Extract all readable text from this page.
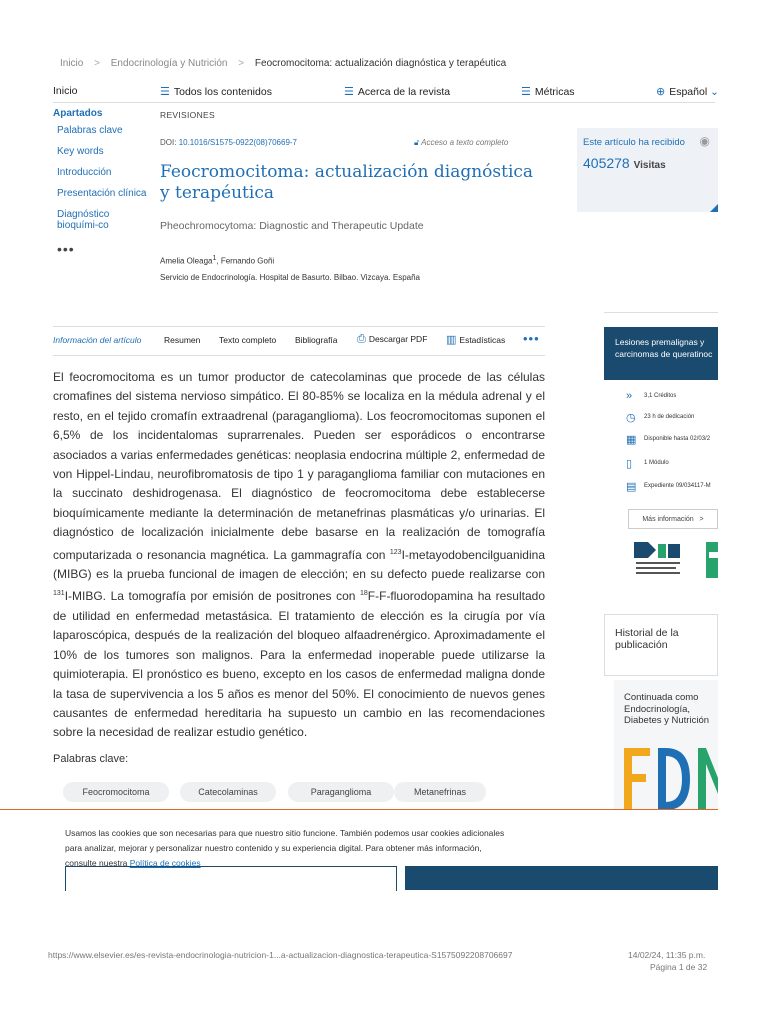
Inicio > Endocrinología y Nutrición > Feocromocitoma: actualización diagnóstica y terapéutica
Inicio	☰ Todos los contenidos	☰ Acerca de la revista	☰ Métricas	⊕ Español ⌄
Apartados
Palabras clave
Key words
Introducción
Presentación clínica
Diagnóstico bioquími-co
•••
REVISIONES
DOI: 10.1016/S1575-0922(08)70669-7	🔓︎ Acceso a texto completo
Feocromocitoma: actualización diagnóstica y terapéutica
Pheochromocytoma: Diagnostic and Therapeutic Update
Amelia Oleaga$^1$, Fernando Goñi
Servicio de Endocrinología. Hospital de Basurto. Bilbao. Vizcaya. España
Este artículo ha recibido ◉
405278 Visitas
Información del artículo	Resumen Texto completo Bibliografía ⎙ Descargar PDF ▥ Estadísticas •••
El feocromocitoma es un tumor productor de catecolaminas que procede de las células cromafines del sistema nervioso simpático. El 80-85% se localiza en la médula adrenal y el resto, en el tejido cromafín extraadrenal (paraganglioma). Los feocromocitomas suponen el 6,5% de los incidentalomas suprarrenales. Pueden ser esporádicos o encontrarse asociados a varias enfermedades genéticas: neoplasia endocrina múltiple 2, enfermedad de von Hippel-Lindau, neurofibromatosis de tipo 1 y paraganglioma familiar con mutaciones en la succinato deshidrogenasa. El diagnóstico de feocromocitoma debe establecerse bioquímicamente mediante la determinación de metanefrinas plasmáticas y/o urinarias. El diagnóstico de localización inicialmente debe basarse en la realización de tomografía computarizada o resonancia magnética. La gammagrafía con $^{123}$I-metayodobencilguanidina (MIBG) es la prueba funcional de imagen de elección; en su defecto puede realizarse con $^{131}$I-MIBG. La tomografía por emisión de positrones con $^{18}$F-F-fluorodopamina ha resultado de utilidad en enfermedad metastásica. El tratamiento de elección es la cirugía por vía laparoscópica, después de la realización del bloqueo alfaadrenérgico. Aproximadamente el 10% de los tumores son malignos. Para la enfermedad inoperable puede utilizarse la quimioterapia. El pronóstico es bueno, excepto en los casos de enfermedad maligna donde la tasa de supervivencia a los 5 años es menor del 50%. El conocimiento de nuevos genes causantes de enfermedad hereditaria ha supuesto un cambio en las recomendaciones sobre la necesidad de realizar estudio genético.
Palabras clave:
Feocromocitoma	Catecolaminas	Paraganglioma	Metanefrinas
Lesiones premalignas y
carcinomas de queratinoc
» 3,1 Créditos
◷ 23 h de dedicación
▦ Disponible hasta 02/03/2
▯ 1 Módulo
▤ Expediente 09/034117-M
Más información >
Historial de la publicación
Continuada como
Endocrinología,
Diabetes y Nutrición
Usamos las cookies que son necesarias para que nuestro sitio funcione. También podemos usar cookies adicionales para analizar, mejorar y personalizar nuestro contenido y su experiencia digital. Para obtener más información, consulte nuestra Política de cookies
https://www.elsevier.es/es-revista-endocrinologia-nutricion-1...a-actualizacion-diagnostica-terapeutica-S1575092208706697	14/02/24, 11:35 p.m.
Página 1 de 32
